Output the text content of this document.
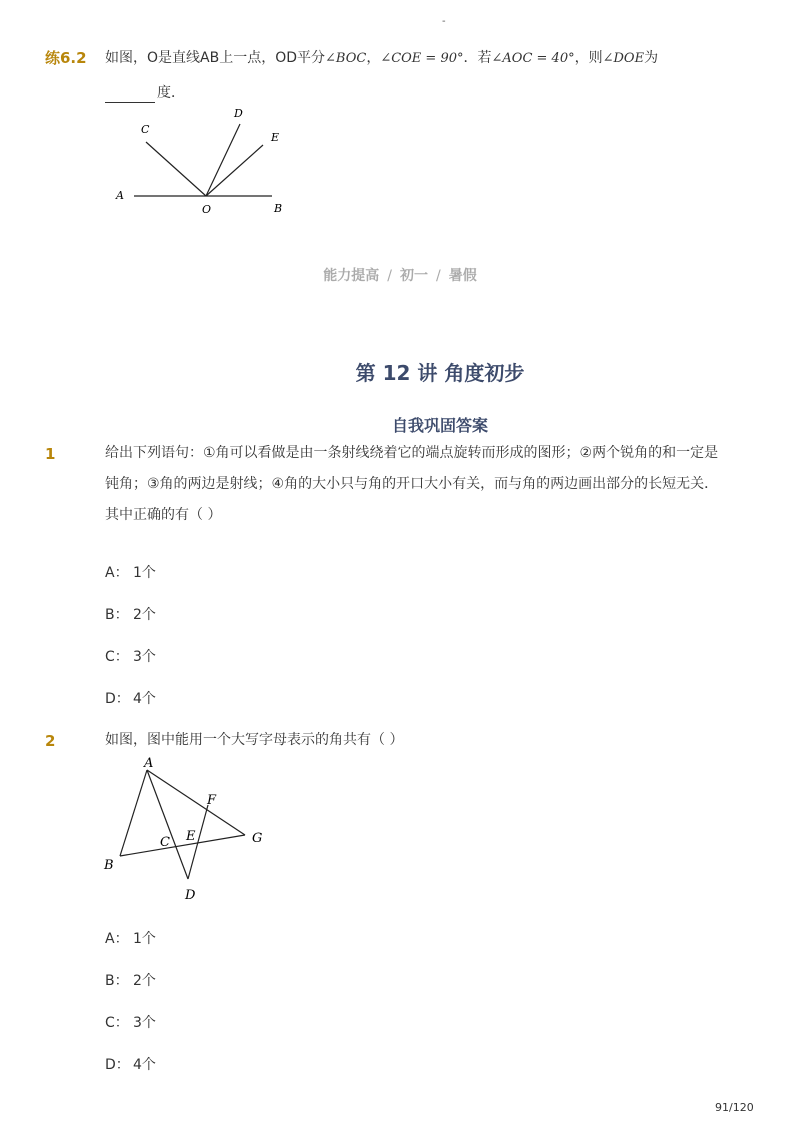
-
练6.2 如图，O是直线AB上一点，OD平分∠BOC，∠COE = 90°．若∠AOC = 40°，则∠DOE为
度．
A
B
C
D
E
O
能力提高 / 初一 / 暑假
第 12 讲 角度初步
自我巩固答案
1	给出下列语句：①角可以看做是由一条射线绕着它的端点旋转而形成的图形；②两个锐角的和一定是钝角；③角的两边是射线；④角的大小只与角的开口大小有关，而与角的两边画出部分的长短无关．其中正确的有（ ）
A： 1个
B： 2个
C： 3个
D： 4个
2	如图，图中能用一个大写字母表示的角共有（ ）
A
B
C
D
E
F
G
A： 1个
B： 2个
C： 3个
D： 4个
91/120
